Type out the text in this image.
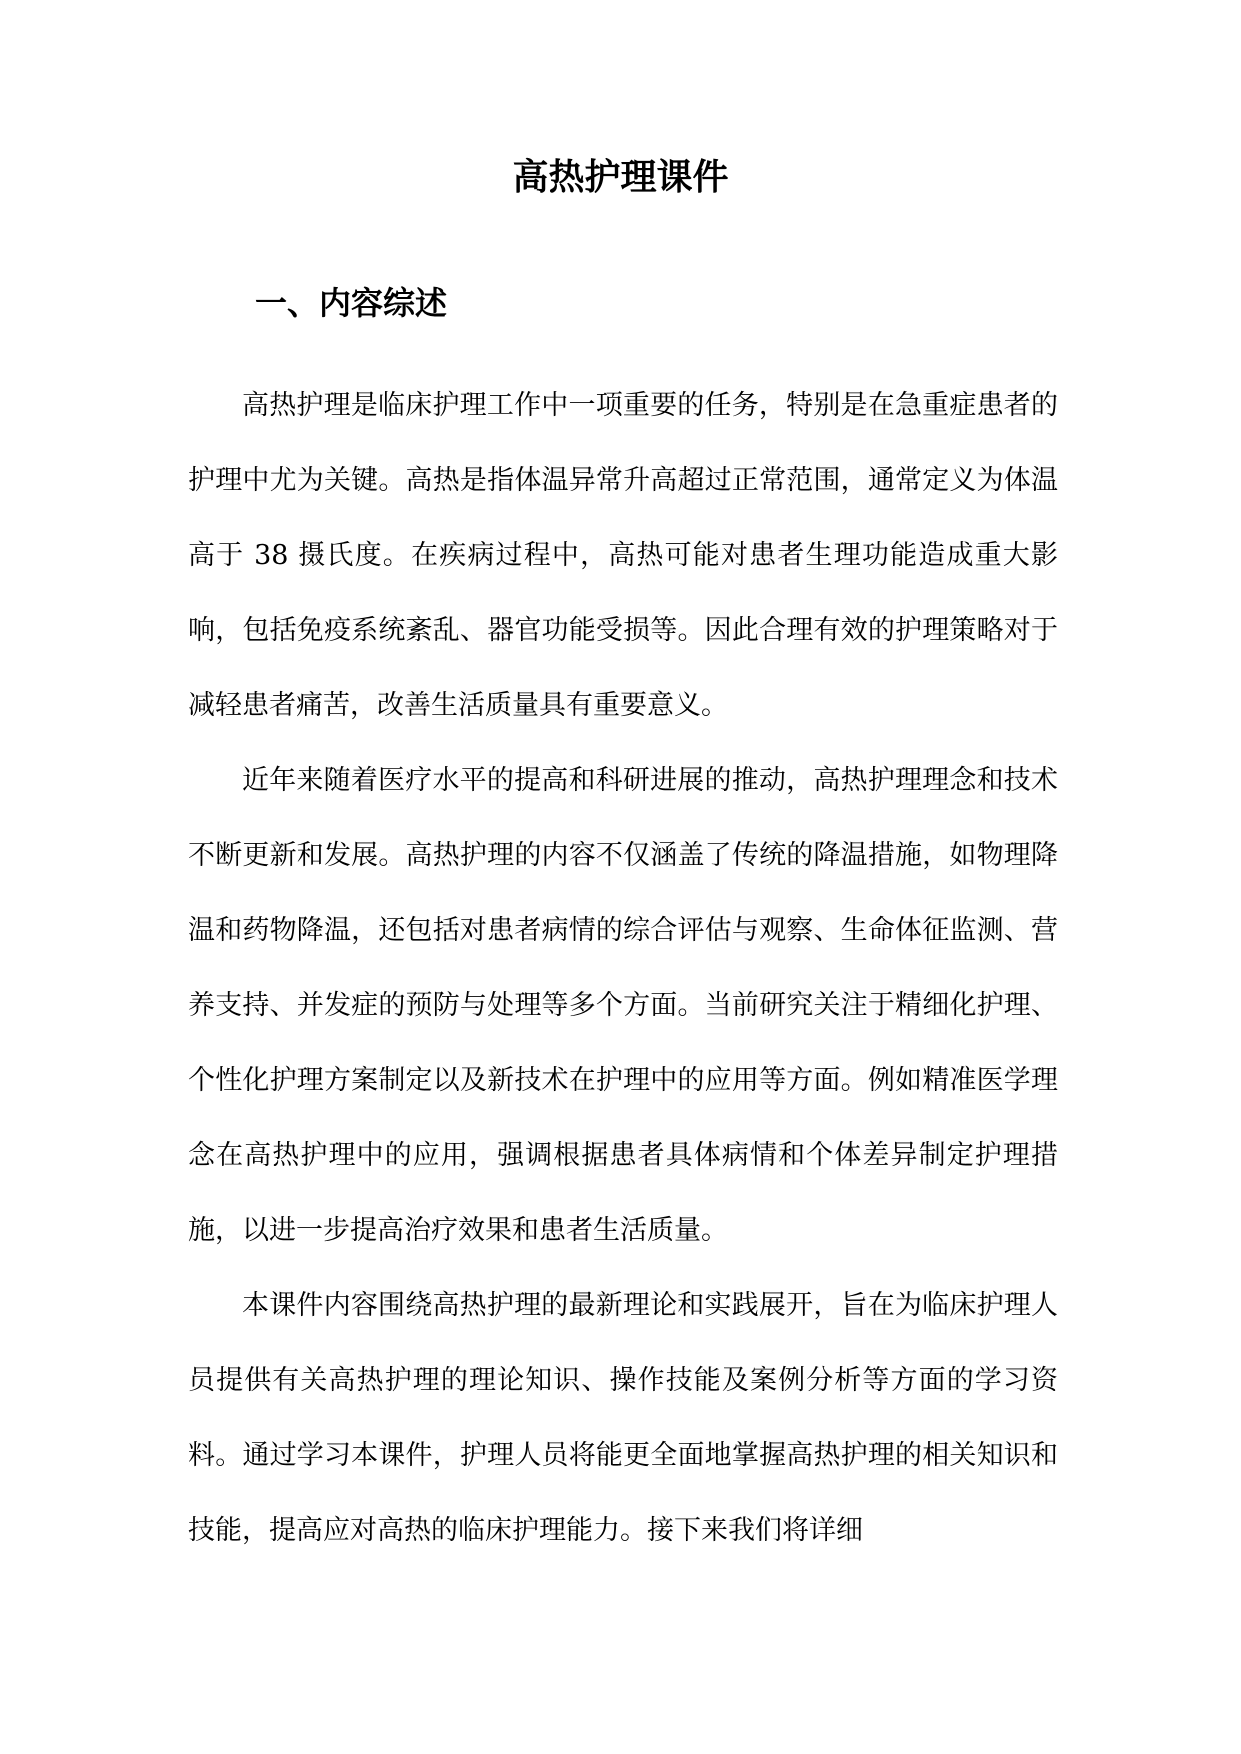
高热护理课件
一、内容综述

高热护理是临床护理工作中一项重要的任务，特别是在急重症患者的护理中尤为关键。高热是指体温异常升高超过正常范围，通常定义为体温高于 38 摄氏度。在疾病过程中，高热可能对患者生理功能造成重大影响，包括免疫系统紊乱、器官功能受损等。因此合理有效的护理策略对于减轻患者痛苦，改善生活质量具有重要意义。

近年来随着医疗水平的提高和科研进展的推动，高热护理理念和技术不断更新和发展。高热护理的内容不仅涵盖了传统的降温措施，如物理降温和药物降温，还包括对患者病情的综合评估与观察、生命体征监测、营养支持、并发症的预防与处理等多个方面。当前研究关注于精细化护理、个性化护理方案制定以及新技术在护理中的应用等方面。例如精准医学理念在高热护理中的应用，强调根据患者具体病情和个体差异制定护理措施，以进一步提高治疗效果和患者生活质量。

本课件内容围绕高热护理的最新理论和实践展开，旨在为临床护理人员提供有关高热护理的理论知识、操作技能及案例分析等方面的学习资料。通过学习本课件，护理人员将能更全面地掌握高热护理的相关知识和技能，提高应对高热的临床护理能力。接下来我们将详细
